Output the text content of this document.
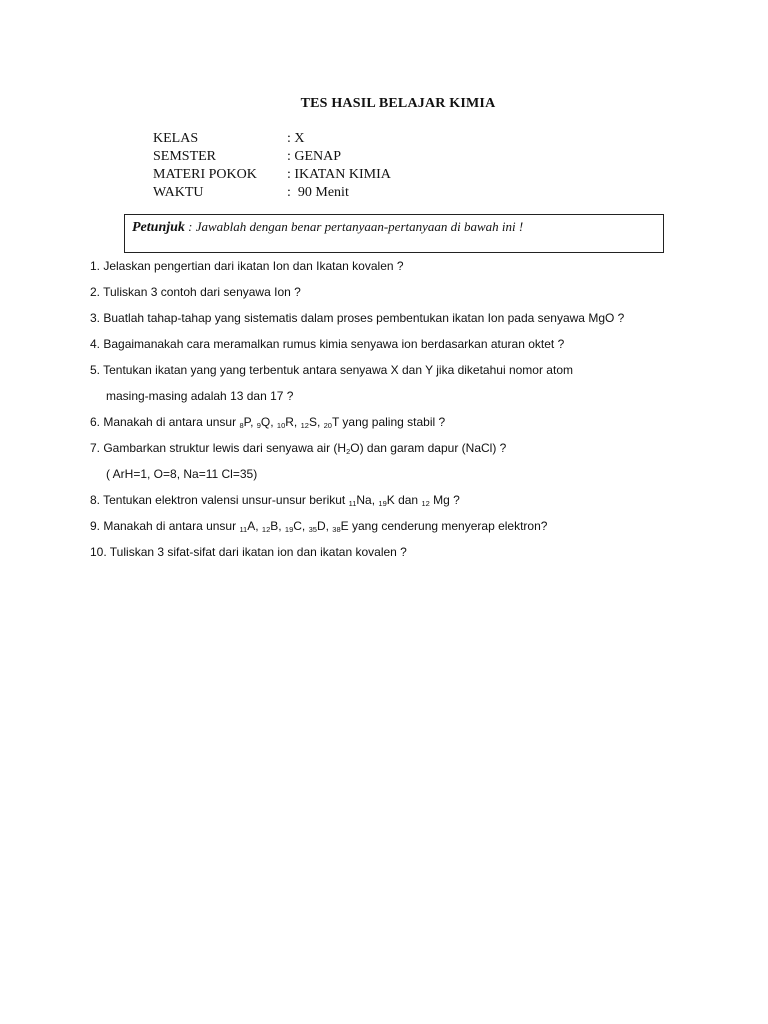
TES HASIL BELAJAR KIMIA
KELAS	: X
SEMSTER	: GENAP
MATERI POKOK	: IKATAN KIMIA
WAKTU	:  90 Menit
Petunjuk : Jawablah dengan benar pertanyaan-pertanyaan di bawah ini !
1. Jelaskan pengertian dari ikatan Ion dan Ikatan kovalen ?
2. Tuliskan 3 contoh dari senyawa Ion ?
3. Buatlah tahap-tahap yang sistematis dalam proses pembentukan ikatan Ion pada senyawa MgO ?
4. Bagaimanakah cara meramalkan rumus kimia senyawa ion berdasarkan aturan oktet ?
5. Tentukan ikatan yang yang terbentuk antara senyawa X dan Y jika diketahui nomor atom
masing-masing adalah 13 dan 17 ?
6. Manakah di antara unsur $_8$P, $_9$Q, $_{10}$R, $_{12}$S, $_{20}$T yang paling stabil ?
7. Gambarkan struktur lewis dari senyawa air $(H_2O)$ dan garam dapur (NaCl) ?
( ArH=1, O=8, Na=11 Cl=35)
8. Tentukan elektron valensi unsur-unsur berikut $_{11}$Na, $_{19}$K dan $_{12}$ Mg ?
9. Manakah di antara unsur $_{11}$A, $_{12}$B, $_{19}$C, $_{35}$D, $_{38}$E yang cenderung menyerap elektron?
10. Tuliskan 3 sifat-sifat dari ikatan ion dan ikatan kovalen ?
